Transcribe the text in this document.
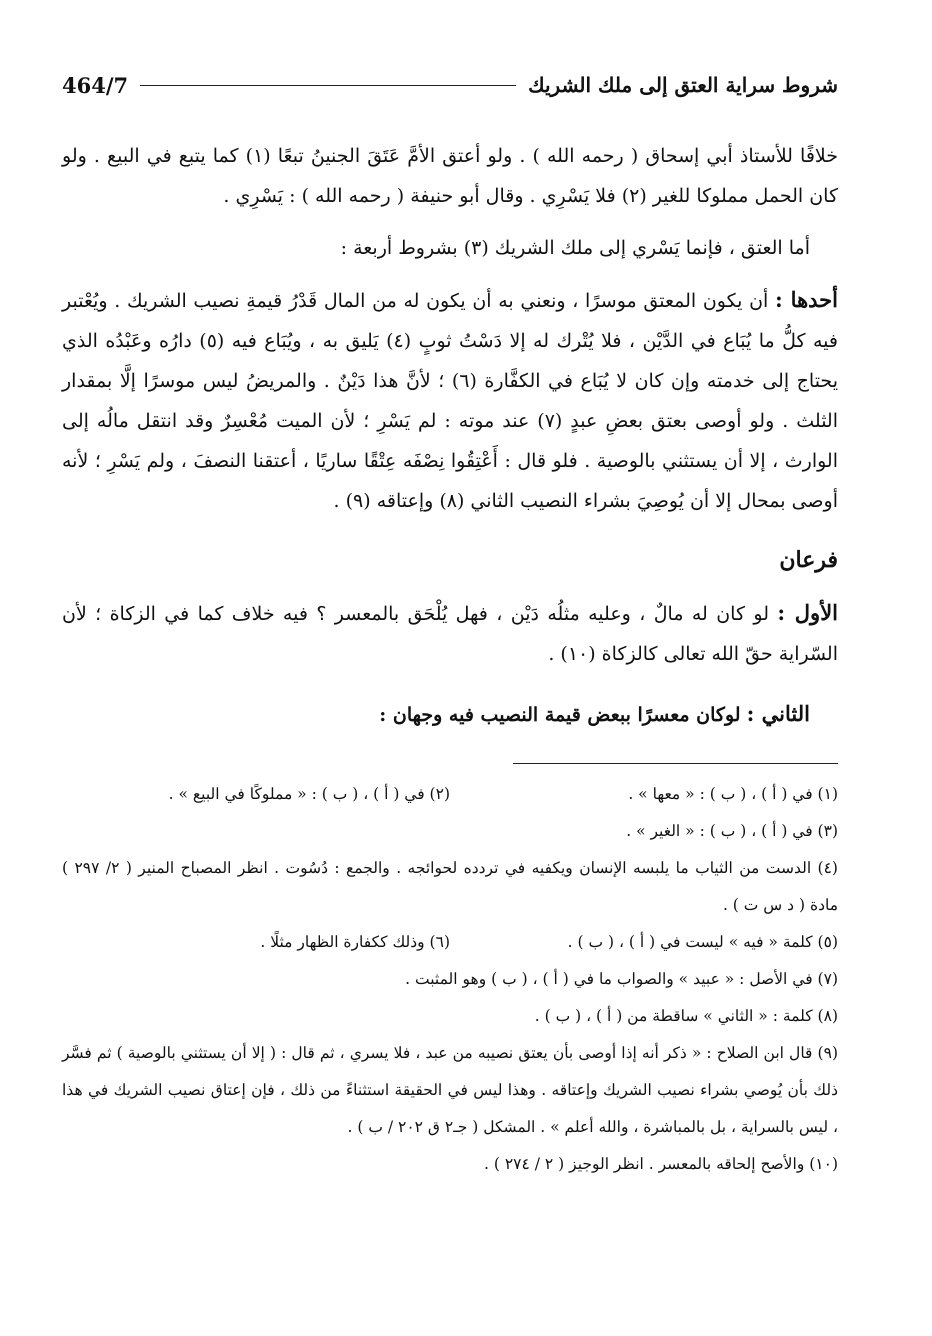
شروط سراية العتق إلى ملك الشريك
464/7

خلافًا للأستاذ أبي إسحاق ( رحمه الله ) . ولو أعتق الأمَّ عَتَقَ الجنينُ تبعًا (١) كما يتبع في البيع . ولو كان الحمل مملوكا للغير (٢) فلا يَسْرِي . وقال أبو حنيفة ( رحمه الله ) : يَسْرِي .

أما العتق ، فإنما يَسْري إلى ملك الشريك (٣) بشروط أربعة :

أحدها : أن يكون المعتق موسرًا ، ونعني به أن يكون له من المال قَدْرُ قيمةِ نصيب الشريك . ويُعْتبر فيه كلُّ ما يُبَاع في الدَّيْن ، فلا يُتْرك له إلا دَسْتُ ثوبٍ (٤) يَليق به ، ويُبَاع فيه (٥) دارُه وعَبْدُه الذي يحتاج إلى خدمته وإن كان لا يُبَاع في الكفَّارة (٦) ؛ لأنَّ هذا دَيْنٌ . والمريضُ ليس موسرًا إلَّا بمقدار الثلث . ولو أوصى بعتق بعضِ عبدٍ (٧) عند موته : لم يَسْرِ ؛ لأن الميت مُعْسِرٌ وقد انتقل مالُه إلى الوارث ، إلا أن يستثني بالوصية . فلو قال : أَعْتِقُوا نِصْفَه عِتْقًا ساريًا ، أعتقنا النصفَ ، ولم يَسْرِ ؛ لأنه أوصى بمحال إلا أن يُوصِيَ بشراء النصيب الثاني (٨) وإعتاقه (٩) .

فرعان

الأول : لو كان له مالٌ ، وعليه مثلُه دَيْن ، فهل يُلْحَق بالمعسر ؟ فيه خلاف كما في الزكاة ؛ لأن السّراية حقّ الله تعالى كالزكاة (١٠) .

الثاني : لوكان معسرًا ببعض قيمة النصيب فيه وجهان :

(١) في ( أ ) ، ( ب ) : « معها » .
(٢) في ( أ ) ، ( ب ) : « مملوكًا في البيع » .

(٣) في ( أ ) ، ( ب ) : « الغير » .

(٤) الدست من الثياب ما يلبسه الإنسان ويكفيه في تردده لحوائجه . والجمع : دُسُوت . انظر المصباح المنير ( ٢/ ٢٩٧ ) مادة ( د س ت ) .

(٥) كلمة « فيه » ليست في ( أ ) ، ( ب ) .
(٦) وذلك ككفارة الظهار مثلًا .

(٧) في الأصل : « عبيد » والصواب ما في ( أ ) ، ( ب ) وهو المثبت .

(٨) كلمة : « الثاني » ساقطة من ( أ ) ، ( ب ) .

(٩) قال ابن الصلاح : « ذكر أنه إذا أوصى بأن يعتق نصيبه من عبد ، فلا يسري ، ثم قال : ( إلا أن يستثني بالوصية ) ثم فسَّر ذلك بأن يُوصي بشراء نصيب الشريك وإعتاقه . وهذا ليس في الحقيقة استثناءً من ذلك ، فإن إعتاق نصيب الشريك في هذا ، ليس بالسراية ، بل بالمباشرة ، والله أعلم » . المشكل ( جـ٢ ق ٢٠٢ / ب ) .

(١٠) والأصح إلحاقه بالمعسر . انظر الوجيز ( ٢ / ٢٧٤ ) .
